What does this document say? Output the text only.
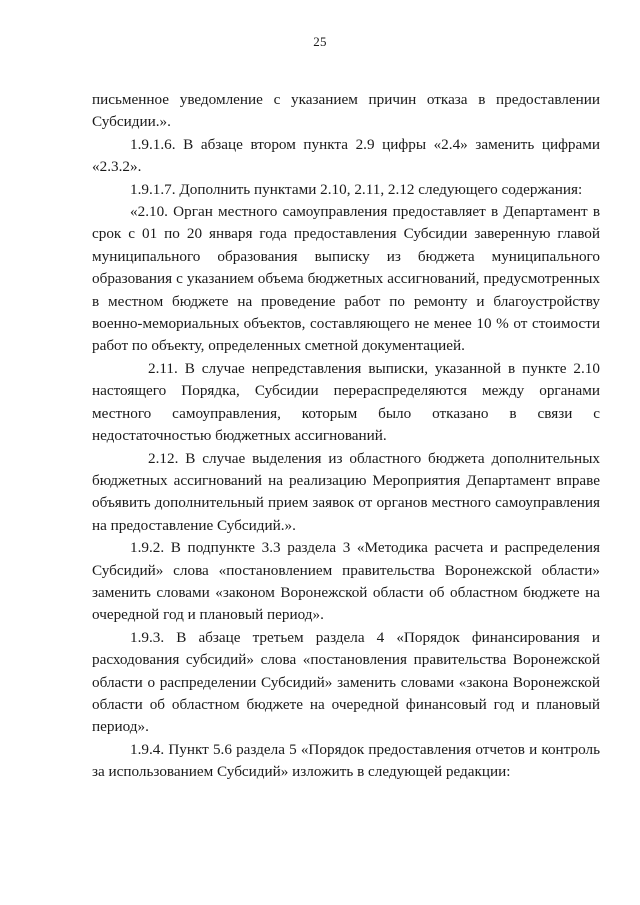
25

письменное уведомление с указанием причин отказа в предоставлении Субсидии.».

1.9.1.6. В абзаце втором пункта 2.9 цифры «2.4» заменить цифрами «2.3.2».

1.9.1.7. Дополнить пунктами 2.10, 2.11, 2.12 следующего содержания:

«2.10. Орган местного самоуправления предоставляет в Департамент в срок с 01 по 20 января года предоставления Субсидии заверенную главой муниципального образования выписку из бюджета муниципального образования с указанием объема бюджетных ассигнований, предусмотренных в местном бюджете на проведение работ по ремонту и благоустройству военно-мемориальных объектов, составляющего не менее 10 % от стоимости работ по объекту, определенных сметной документацией.

2.11. В случае непредставления выписки, указанной в пункте 2.10 настоящего Порядка, Субсидии перераспределяются между органами местного самоуправления, которым было отказано в связи с недостаточностью бюджетных ассигнований.

2.12. В случае выделения из областного бюджета дополнительных бюджетных ассигнований на реализацию Мероприятия Департамент вправе объявить дополнительный прием заявок от органов местного самоуправления на предоставление Субсидий.».

1.9.2. В подпункте 3.3 раздела 3 «Методика расчета и распределения Субсидий» слова «постановлением правительства Воронежской области» заменить словами «законом Воронежской области об областном бюджете на очередной год и плановый период».

1.9.3. В абзаце третьем раздела 4 «Порядок финансирования и расходования субсидий» слова «постановления правительства Воронежской области о распределении Субсидий» заменить словами «закона Воронежской области об областном бюджете на очередной финансовый год и плановый период».

1.9.4. Пункт 5.6 раздела 5 «Порядок предоставления отчетов и контроль за использованием Субсидий» изложить в следующей редакции:
